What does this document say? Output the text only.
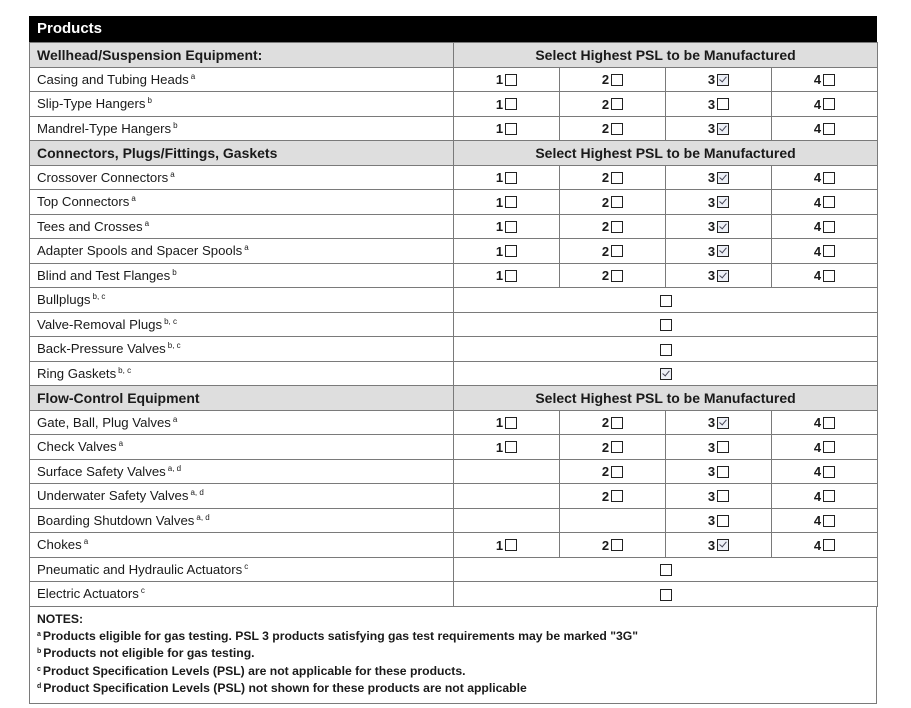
Products
Wellhead/Suspension Equipment:	Select Highest PSL to be Manufactured			
Casing and Tubing Heads $^a$	1	2	3	4
Slip-Type Hangers $^b$	1	2	3	4
Mandrel-Type Hangers $^b$	1	2	3	4
Connectors, Plugs/Fittings, Gaskets	Select Highest PSL to be Manufactured			
Crossover Connectors $^a$	1	2	3	4
Top Connectors $^a$	1	2	3	4
Tees and Crosses $^a$	1	2	3	4
Adapter Spools and Spacer Spools $^a$	1	2	3	4
Blind and Test Flanges $^b$	1	2	3	4
Bullplugs $^{b, c}$	
Valve-Removal Plugs $^{b, c}$	
Back-Pressure Valves $^{b, c}$	
Ring Gaskets $^{b, c}$	
Flow-Control Equipment	Select Highest PSL to be Manufactured			
Gate, Ball, Plug Valves $^a$	1	2	3	4
Check Valves $^a$	1	2	3	4
Surface Safety Valves $^{a, d}$		2	3	4
Underwater Safety Valves $^{a, d}$		2	3	4
Boarding Shutdown Valves $^{a, d}$			3	4
Chokes $^a$	1	2	3	4
Pneumatic and Hydraulic Actuators $^c$	
Electric Actuators $^c$	
NOTES:
$^a$ Products eligible for gas testing. PSL 3 products satisfying gas test requirements may be marked "3G"
$^b$ Products not eligible for gas testing.
$^c$ Product Specification Levels (PSL) are not applicable for these products.
$^d$ Product Specification Levels (PSL) not shown for these products are not applicable
